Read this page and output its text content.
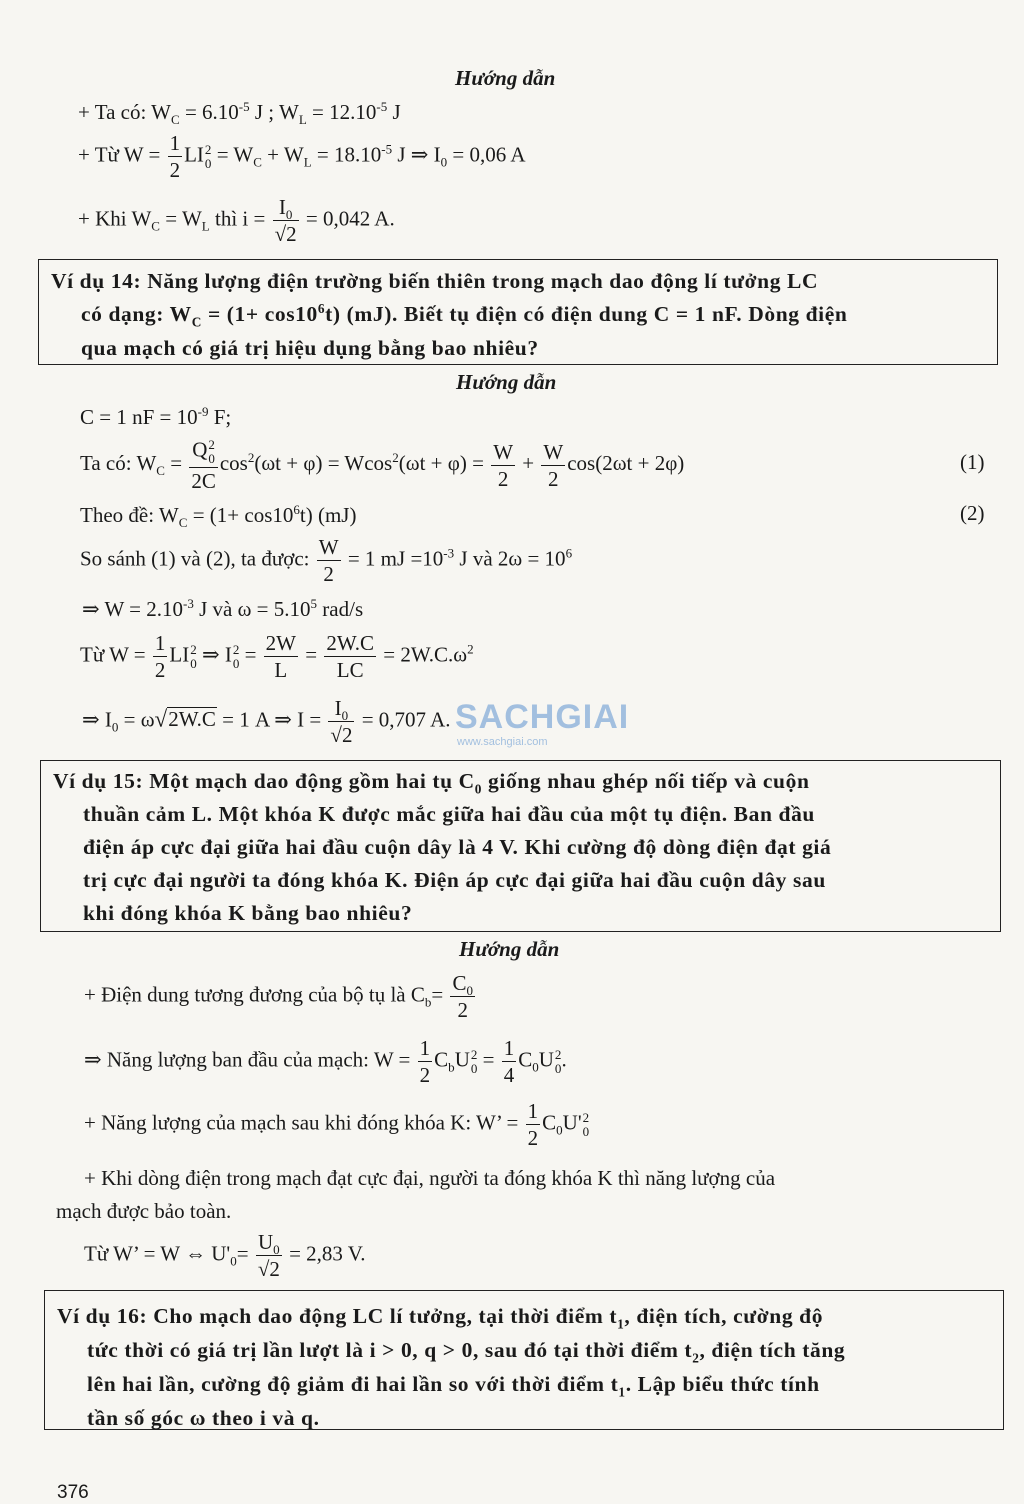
Hướng dẫn
+ Ta có: $W_C = 6.10^{-5}$ J ; $W_L = 12.10^{-5}$ J
+ Từ $W = \frac{1}{2}$ LI 2
$0 = W_C + W_L = 18.10^{-5}$ J ⇒ $I_0 = 0,06$ A
+ Khi $W_C = W_L$ thì $i = \frac{I_0}{√2} = 0,042$ A.
Ví dụ 14: Năng lượng điện trường biến thiên trong mạch dao động lí tưởng LC
có dạng: $W_C = (1+ \cos 10^6t)$ (mJ). Biết tụ điện có điện dung C = 1 nF. Dòng điện
qua mạch có giá trị hiệu dụng bằng bao nhiêu?
Hướng dẫn
C = 1 nF = $10^{-9}$ F;
Ta có: $W_C = Q$ 2
0
2C $\cos^2(\omega t + \varphi) = Wcos^2(\omega t + \varphi) = \frac{W}{2} + \frac{W}{2} \cos(2\omega t + 2\varphi)$	(1)
Theo đề: $W_C = (1+ \cos 10^6t)$ (mJ)	(2)
So sánh (1) và (2), ta được: $\frac{W}{2} = 1$ mJ $=10^{-3}$ J và $2\omega = 10^6$
⇒ $W = 2.10^{-3}$ J và $\omega = 5.10^5$ rad/s
Từ $W = \frac{1}{2}$ LI 2
0 ⇒ I 2
$0 = \frac{2W}{L} = \frac{2W.C}{LC} = 2W.C.\omega^2$
⇒ $I_0 = \omega√2W.C = 1$ A ⇒ $I = \frac{I_0}{√2} = 0,707$ A. SACHGIAI
www.sachgiai.com
Ví dụ 15: Một mạch dao động gồm hai tụ $C_0$ giống nhau ghép nối tiếp và cuộn
thuần cảm L. Một khóa K được mắc giữa hai đầu của một tụ điện. Ban đầu
điện áp cực đại giữa hai đầu cuộn dây là 4 V. Khi cường độ dòng điện đạt giá
trị cực đại người ta đóng khóa K. Điện áp cực đại giữa hai đầu cuộn dây sau
khi đóng khóa K bằng bao nhiêu?
Hướng dẫn
+ Điện dung tương đương của bộ tụ là $C_b= \frac{C_0}{2}$
⇒ Năng lượng ban đầu của mạch: $W = \frac{1}{2} C_bU$ 2
$0 = \frac{1}{4} C_0U$ 2
0 .
+ Năng lượng của mạch sau khi đóng khóa K: W’ = $\frac{1}{2} C_0U'$ 2
0
+ Khi dòng điện trong mạch đạt cực đại, người ta đóng khóa K thì năng lượng của
mạch được bảo toàn.
Từ W’ = W ⇔ $U'_0= \frac{U_0}{√2} = 2,83$ V.
Ví dụ 16: Cho mạch dao động LC lí tưởng, tại thời điểm $t_1$, điện tích, cường độ
tức thời có giá trị lần lượt là i > 0, q > 0, sau đó tại thời điểm $t_2$, điện tích tăng
lên hai lần, cường độ giảm đi hai lần so với thời điểm $t_1$. Lập biểu thức tính
tần số góc ω theo i và q.
376
